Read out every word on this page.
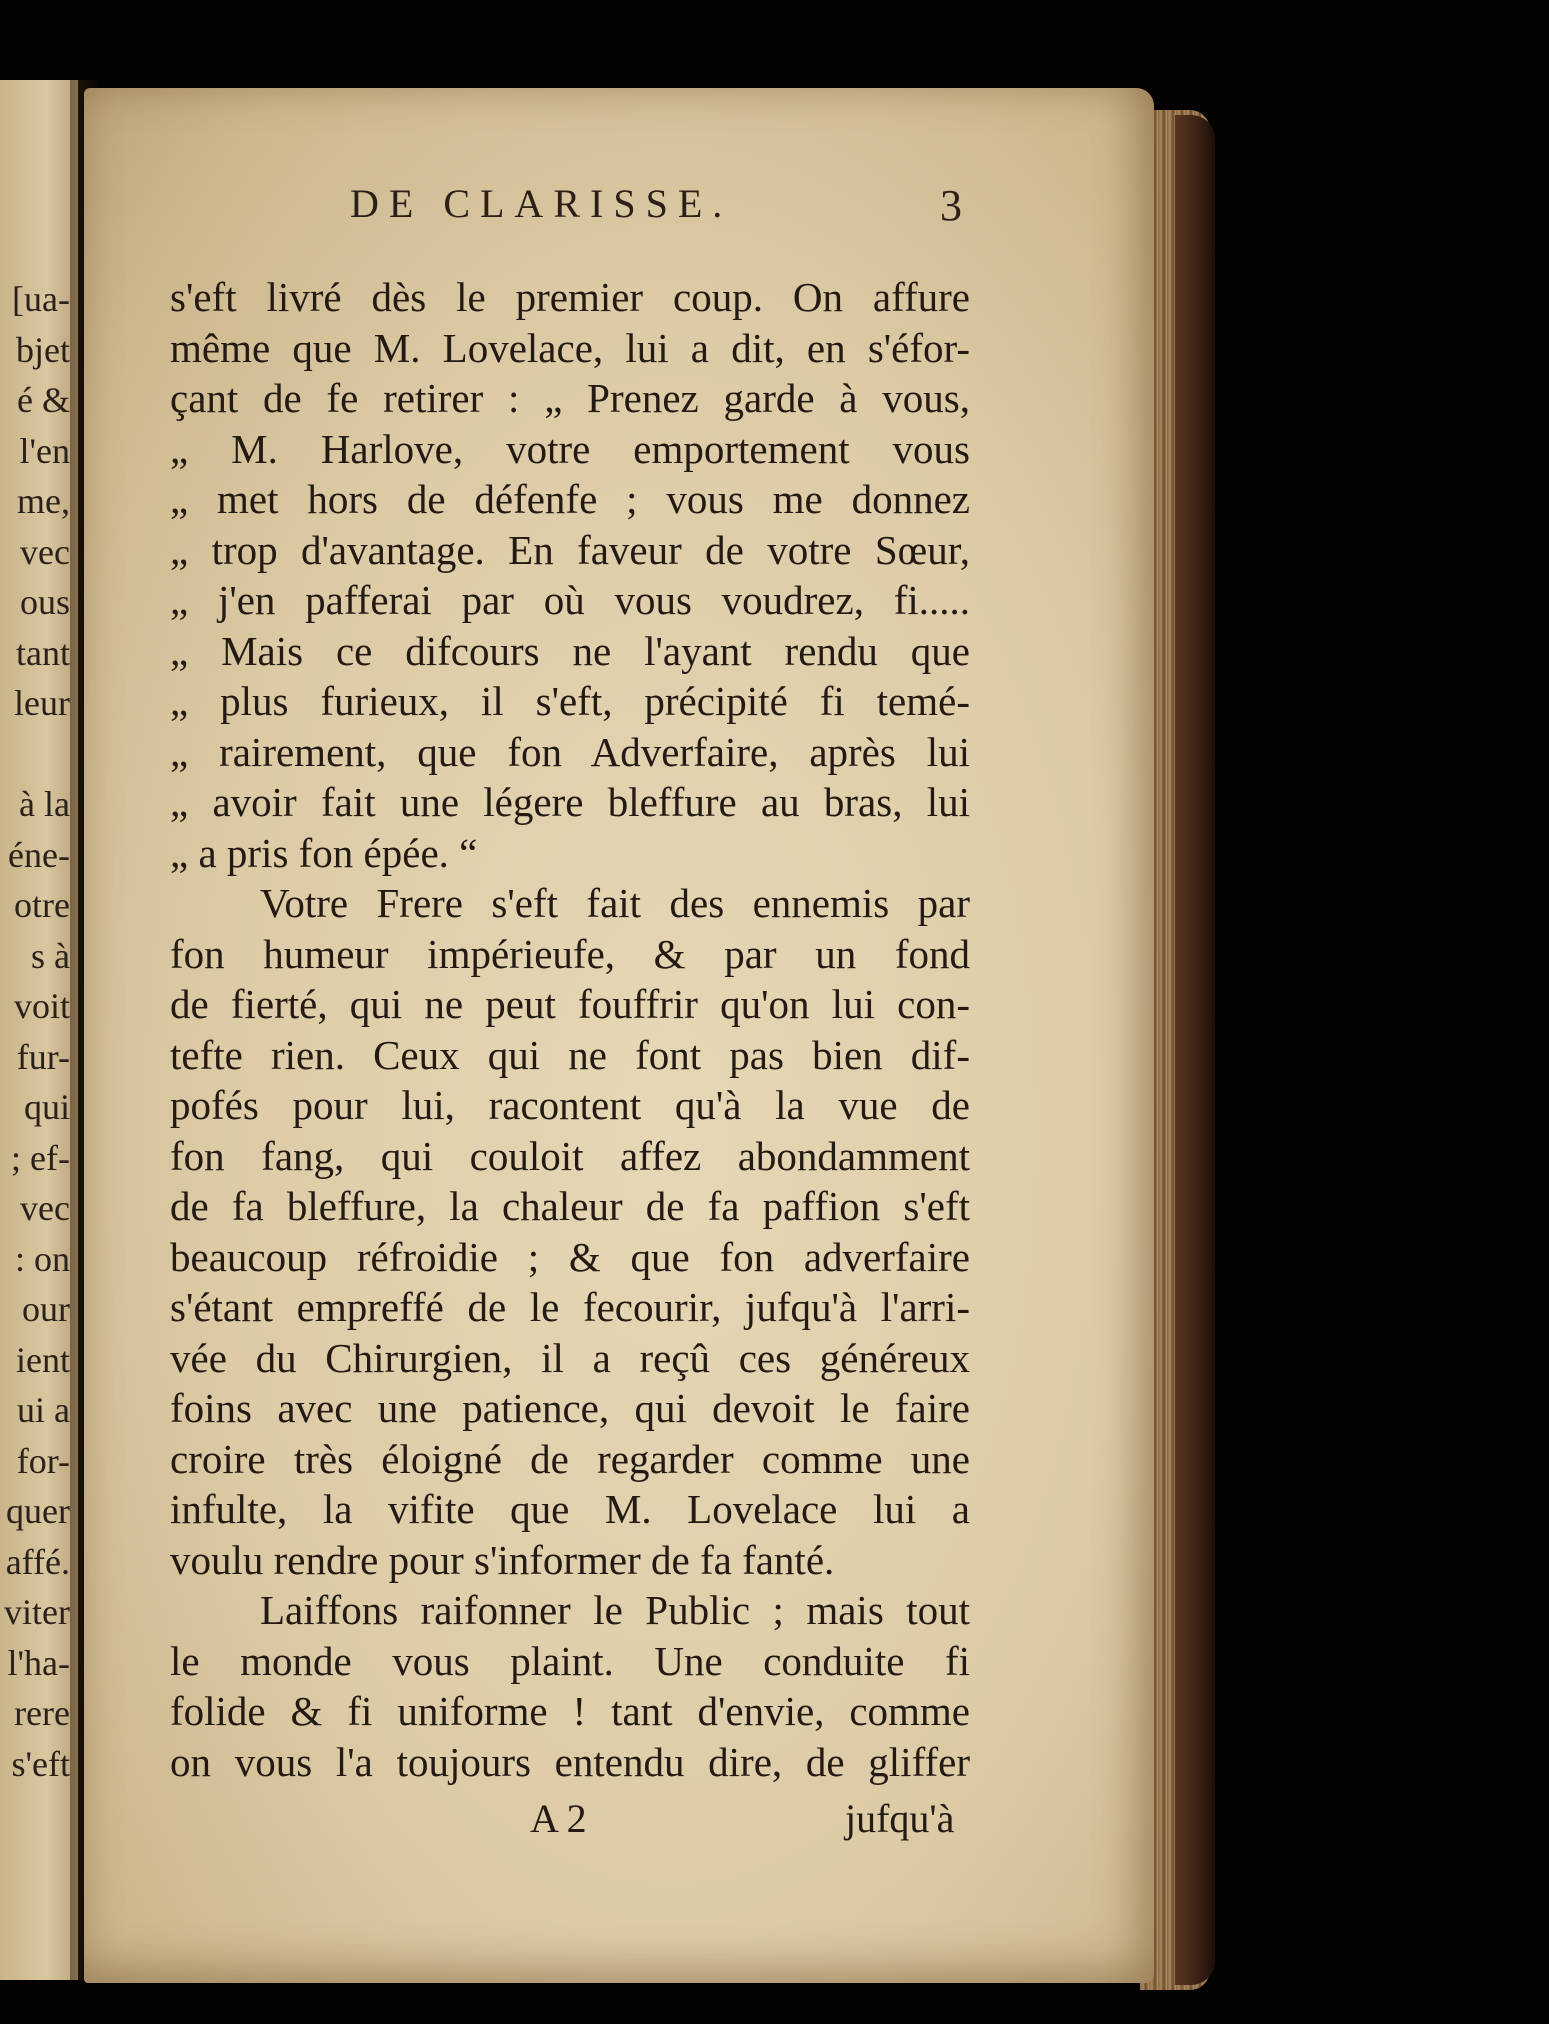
[ua-
bjet
é &
l'en
me,
vec
ous
tant
leur
à la
éne-
otre
s à
voit
fur-
qui
; ef-
vec
: on
our
ient
ui a
for-
quer
affé.
viter
l'ha-
rere
s'eft
DE CLARISSE.	3
s'eft livré dès le premier coup. On affure
même que M. Lovelace, lui a dit, en s'éfor-
çant de fe retirer : „ Prenez garde à vous,
„ M. Harlove, votre emportement vous
„ met hors de défenfe ; vous me donnez
„ trop d'avantage. En faveur de votre Sœur,
„ j'en pafferai par où vous voudrez, fi.....
„ Mais ce difcours ne l'ayant rendu que
„ plus furieux, il s'eft, précipité fi temé-
„ rairement, que fon Adverfaire, après lui
„ avoir fait une légere bleffure au bras, lui
„ a pris fon épée. “
Votre Frere s'eft fait des ennemis par
fon humeur impérieufe, & par un fond
de fierté, qui ne peut fouffrir qu'on lui con-
tefte rien. Ceux qui ne font pas bien dif-
pofés pour lui, racontent qu'à la vue de
fon fang, qui couloit affez abondamment
de fa bleffure, la chaleur de fa paffion s'eft
beaucoup réfroidie ; & que fon adverfaire
s'étant empreffé de le fecourir, jufqu'à l'arri-
vée du Chirurgien, il a reçû ces généreux
foins avec une patience, qui devoit le faire
croire très éloigné de regarder comme une
infulte, la vifite que M. Lovelace lui a
voulu rendre pour s'informer de fa fanté.
Laiffons raifonner le Public ; mais tout
le monde vous plaint. Une conduite fi
folide & fi uniforme ! tant d'envie, comme
on vous l'a toujours entendu dire, de gliffer
A 2	jufqu'à
